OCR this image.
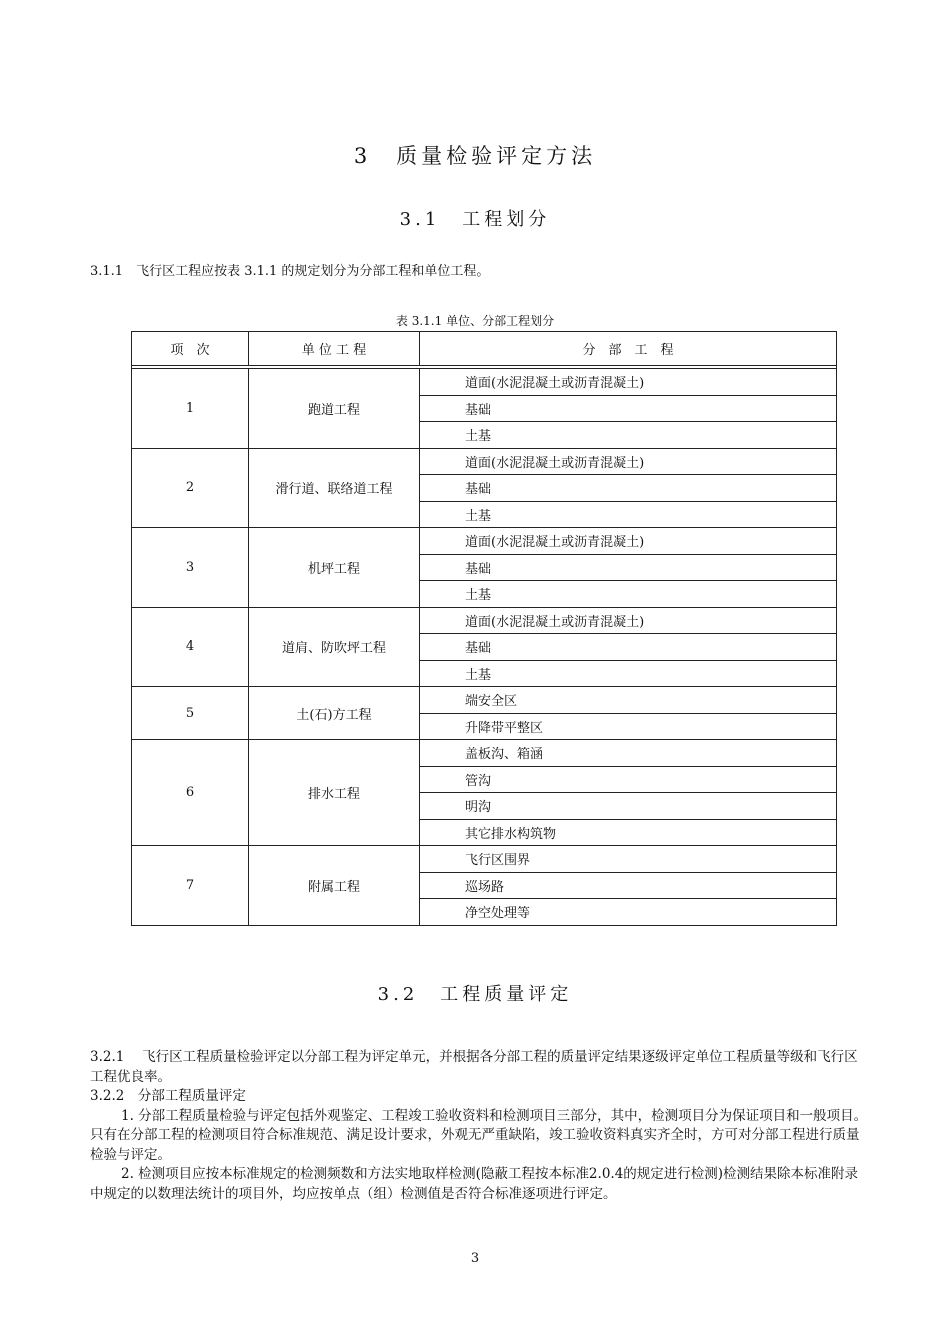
3　质量检验评定方法
3.1　工程划分
3.1.1　飞行区工程应按表 3.1.1 的规定划分为分部工程和单位工程。
表 3.1.1 单位、分部工程划分
项　次	单 位 工 程	分　部　工　程

1	跑道工程	道面(水泥混凝土或沥青混凝土)
		基础
		土基
2	滑行道、联络道工程	道面(水泥混凝土或沥青混凝土)
		基础
		土基
3	机坪工程	道面(水泥混凝土或沥青混凝土)
		基础
		土基
4	道肩、防吹坪工程	道面(水泥混凝土或沥青混凝土)
		基础
		土基
5	土(石)方工程	端安全区
		升降带平整区
6	排水工程	盖板沟、箱涵
		管沟
		明沟
		其它排水构筑物
7	附属工程	飞行区围界
		巡场路
		净空处理等
3.2　工程质量评定

3.2.1　 飞行区工程质量检验评定以分部工程为评定单元，并根据各分部工程的质量评定结果逐级评定单位工程质量等级和飞行区工程优良率。

3.2.2　分部工程质量评定

1. 分部工程质量检验与评定包括外观鉴定、工程竣工验收资料和检测项目三部分，其中，检测项目分为保证项目和一般项目。只有在分部工程的检测项目符合标准规范、满足设计要求，外观无严重缺陷，竣工验收资料真实齐全时，方可对分部工程进行质量检验与评定。

2. 检测项目应按本标准规定的检测频数和方法实地取样检测(隐蔽工程按本标准2.0.4的规定进行检测)检测结果除本标准附录中规定的以数理法统计的项目外，均应按单点（组）检测值是否符合标准逐项进行评定。

3
